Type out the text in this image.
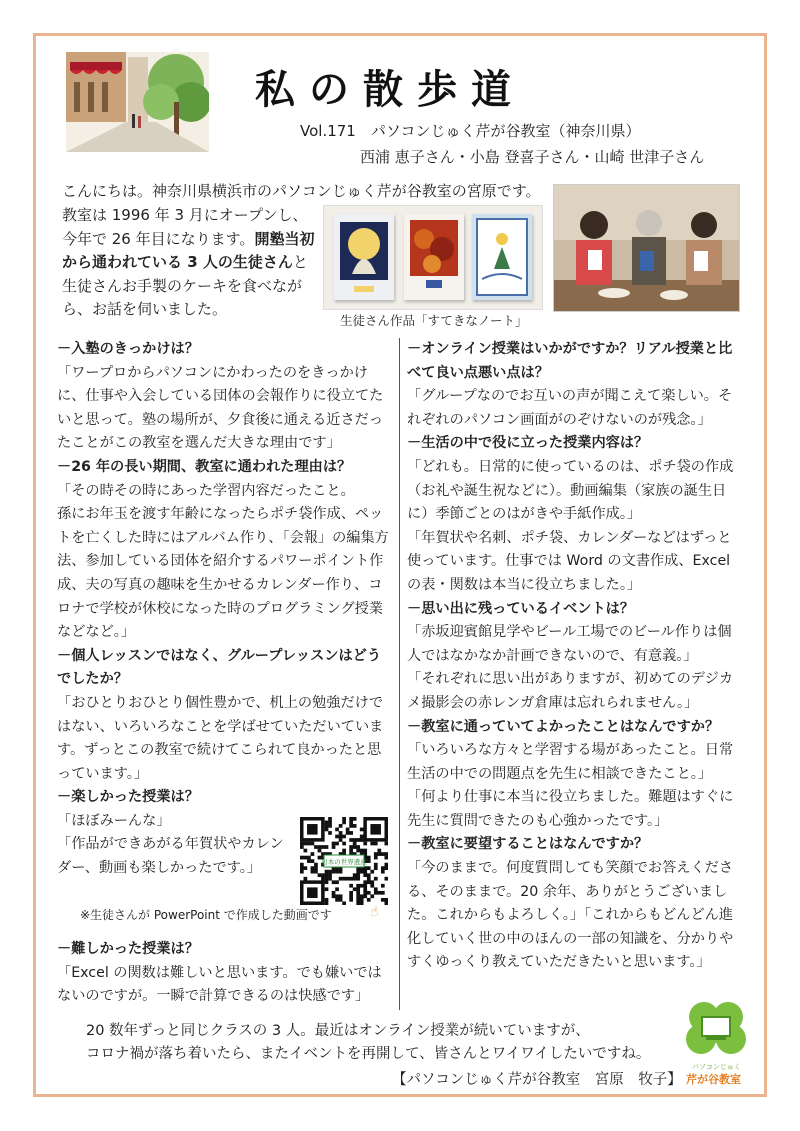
私の散歩道
Vol.171　パソコンじゅく芹が谷教室（神奈川県）
西浦 恵子さん・小島 登喜子さん・山崎 世津子さん
こんにちは。神奈川県横浜市のパソコンじゅく芹が谷教室の宮原です。
教室は 1996 年 3 月にオープンし、今年で 26 年目になります。開塾当初から通われている 3 人の生徒さんと生徒さんお手製のケーキを食べながら、お話を伺いました。
生徒さん作品「すてきなノート」

－入塾のきっかけは？

「ワープロからパソコンにかわったのをきっかけに、仕事や入会している団体の会報作りに役立てたいと思って。塾の場所が、夕食後に通える近さだったことがこの教室を選んだ大きな理由です」

－26 年の長い期間、教室に通われた理由は？

「その時その時にあった学習内容だったこと。

孫にお年玉を渡す年齢になったらポチ袋作成、ペットを亡くした時にはアルバム作り、「会報」の編集方法、参加している団体を紹介するパワーポイント作成、夫の写真の趣味を生かせるカレンダー作り、コロナで学校が休校になった時のプログラミング授業などなど。」

－個人レッスンではなく、グループレッスンはどうでしたか？

「おひとりおひとり個性豊かで、机上の勉強だけではない、いろいろなことを学ばせていただいています。ずっとこの教室で続けてこられて良かったと思っています。」

－楽しかった授業は？

「ほぼみーんな」

「作品ができあがる年賀状やカレンダー、動画も楽しかったです。」	日本の世界遺産
※生徒さんが PowerPoint で作成した動画です	☝

－難しかった授業は？

「Excel の関数は難しいと思います。でも嫌いではないのですが。一瞬で計算できるのは快感です」

－オンライン授業はいかがですか？リアル授業と比べて良い点悪い点は？

「グループなのでお互いの声が聞こえて楽しい。それぞれのパソコン画面がのぞけないのが残念。」

－生活の中で役に立った授業内容は？

「どれも。日常的に使っているのは、ポチ袋の作成（お礼や誕生祝などに）。動画編集（家族の誕生日に）季節ごとのはがきや手紙作成。」

「年賀状や名刺、ポチ袋、カレンダーなどはずっと使っています。仕事では Word の文書作成、Excel の表・関数は本当に役立ちました。」

－思い出に残っているイベントは？

「赤坂迎賓館見学やビール工場でのビール作りは個人ではなかなか計画できないので、有意義。」

「それぞれに思い出がありますが、初めてのデジカメ撮影会の赤レンガ倉庫は忘れられません。」

－教室に通っていてよかったことはなんですか？

「いろいろな方々と学習する場があったこと。日常生活の中での問題点を先生に相談できたこと。」

「何より仕事に本当に役立ちました。難題はすぐに先生に質問できたのも心強かったです。」

－教室に要望することはなんですか？

「今のままで。何度質問しても笑顔でお答えくださる、そのままで。20 余年、ありがとうございました。これからもよろしく。」「これからもどんどん進化していく世の中のほんの一部の知識を、分かりやすくゆっくり教えていただきたいと思います。」

20 数年ずっと同じクラスの 3 人。最近はオンライン授業が続いていますが、
コロナ禍が落ち着いたら、またイベントを再開して、皆さんとワイワイしたいですね。
【パソコンじゅく芹が谷教室　宮原　牧子】
パソコンじゅく
芹が谷教室
